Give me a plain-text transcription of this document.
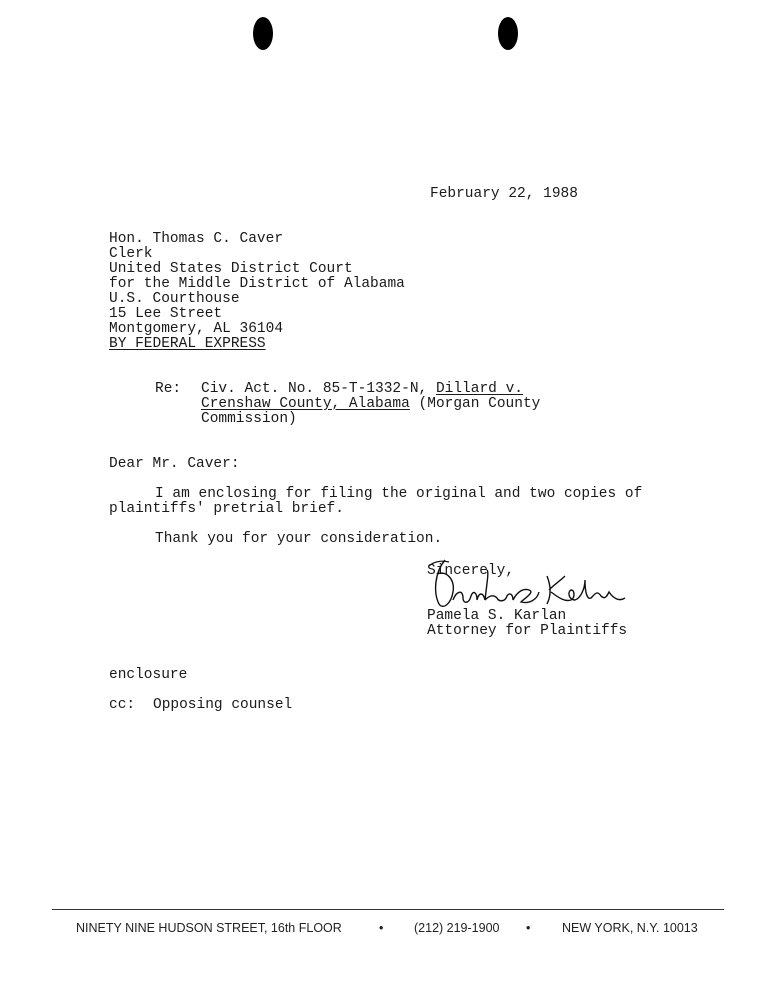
February 22, 1988
Hon. Thomas C. Caver
Clerk
United States District Court
for the Middle District of Alabama
U.S. Courthouse
15 Lee Street
Montgomery, AL 36104
BY FEDERAL EXPRESS
Re: Civ. Act. No. 85-T-1332-N, Dillard v.
Crenshaw County, Alabama (Morgan County
Commission)
Dear Mr. Caver:
I am enclosing for filing the original and two copies of
plaintiffs' pretrial brief.
Thank you for your consideration.
Sincerely,
Pamela S. Karlan
Attorney for Plaintiffs
enclosure
cc: Opposing counsel
NINETY NINE HUDSON STREET, 16th FLOOR	• (212) 219-1900 •	NEW YORK, N.Y. 10013
